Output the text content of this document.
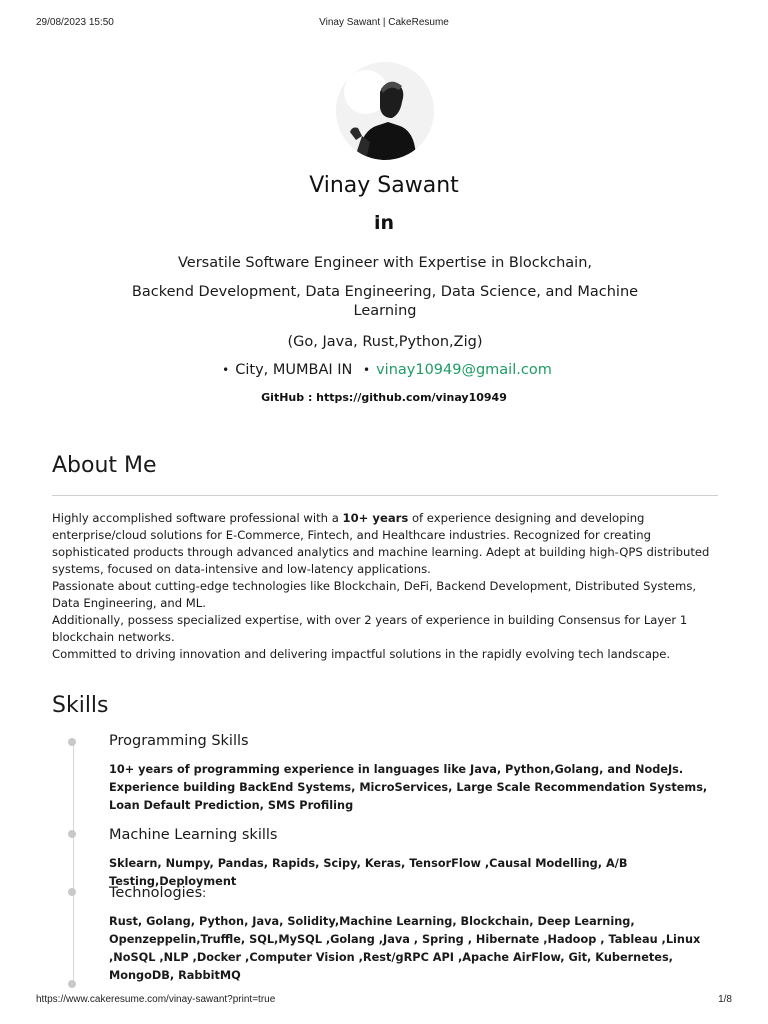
29/08/2023 15:50	Vinay Sawant | CakeResume
Vinay Sawant
in
Versatile Software Engineer with Expertise in Blockchain,
Backend Development, Data Engineering, Data Science, and Machine Learning
(Go, Java, Rust,Python,Zig)
• City, MUMBAI IN • vinay10949@gmail.com
GitHub : https://github.com/vinay10949
About Me

Highly accomplished software professional with a 10+ years of experience designing and developing enterprise/cloud solutions for E-Commerce, Fintech, and Healthcare industries. Recognized for creating sophisticated products through advanced analytics and machine learning. Adept at building high-QPS distributed systems, focused on data-intensive and low-latency applications.

Passionate about cutting-edge technologies like Blockchain, DeFi, Backend Development, Distributed Systems, Data Engineering, and ML.

Additionally, possess specialized expertise, with over 2 years of experience in building Consensus for Layer 1 blockchain networks.

Committed to driving innovation and delivering impactful solutions in the rapidly evolving tech landscape.

Skills
Programming Skills
10+ years of programming experience in languages like Java, Python,Golang, and NodeJs. Experience building BackEnd Systems, MicroServices, Large Scale Recommendation Systems, Loan Default Prediction, SMS Profiling
Machine Learning skills
Sklearn, Numpy, Pandas, Rapids, Scipy, Keras, TensorFlow ,Causal Modelling, A/B Testing,Deployment
Technologies:
Rust, Golang, Python, Java, Solidity,Machine Learning, Blockchain, Deep Learning, Openzeppelin,Truffle, SQL,MySQL ,Golang ,Java , Spring , Hibernate ,Hadoop , Tableau ,Linux ,NoSQL ,NLP ,Docker ,Computer Vision ,Rest/gRPC API ,Apache AirFlow, Git, Kubernetes, MongoDB, RabbitMQ
https://www.cakeresume.com/vinay-sawant?print=true	1/8
